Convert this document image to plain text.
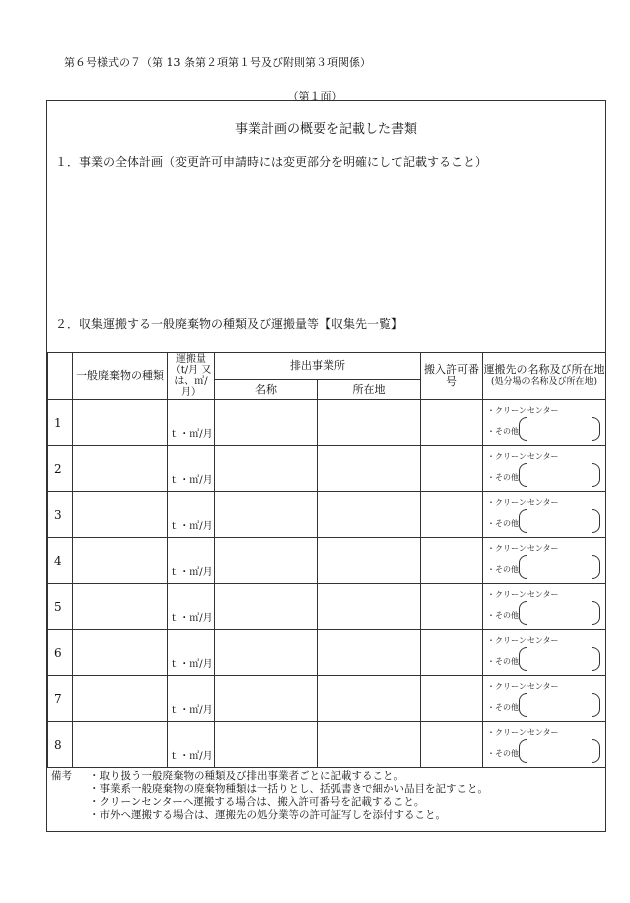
第６号様式の７（第 13 条第２項第１号及び附則第３項関係）
（第１面）
事業計画の概要を記載した書類
１．事業の全体計画（変更許可申請時には変更部分を明確にして記載すること）
２．収集運搬する一般廃棄物の種類及び運搬量等【収集先一覧】
	一般廃棄物の種類	運搬量（t/月 又は、㎥/月）	排出事業所		搬入許可番号	運搬先の名称及び所在地
(処分場の名称及び所在地)

			名称	所在地		
1		ｔ・㎥/月				・クリーンセンター
・その他

2		ｔ・㎥/月				・クリーンセンター
・その他

3		ｔ・㎥/月				・クリーンセンター
・その他

4		ｔ・㎥/月				・クリーンセンター
・その他

5		ｔ・㎥/月				・クリーンセンター
・その他

6		ｔ・㎥/月				・クリーンセンター
・その他

7		ｔ・㎥/月				・クリーンセンター
・その他

8		ｔ・㎥/月				・クリーンセンター
・その他
備考 ・取り扱う一般廃棄物の種類及び排出事業者ごとに記載すること。
・事業系一般廃棄物の廃棄物種類は一括りとし、括弧書きで細かい品目を記すこと。
・クリーンセンターへ運搬する場合は、搬入許可番号を記載すること。
・市外へ運搬する場合は、運搬先の処分業等の許可証写しを添付すること。
